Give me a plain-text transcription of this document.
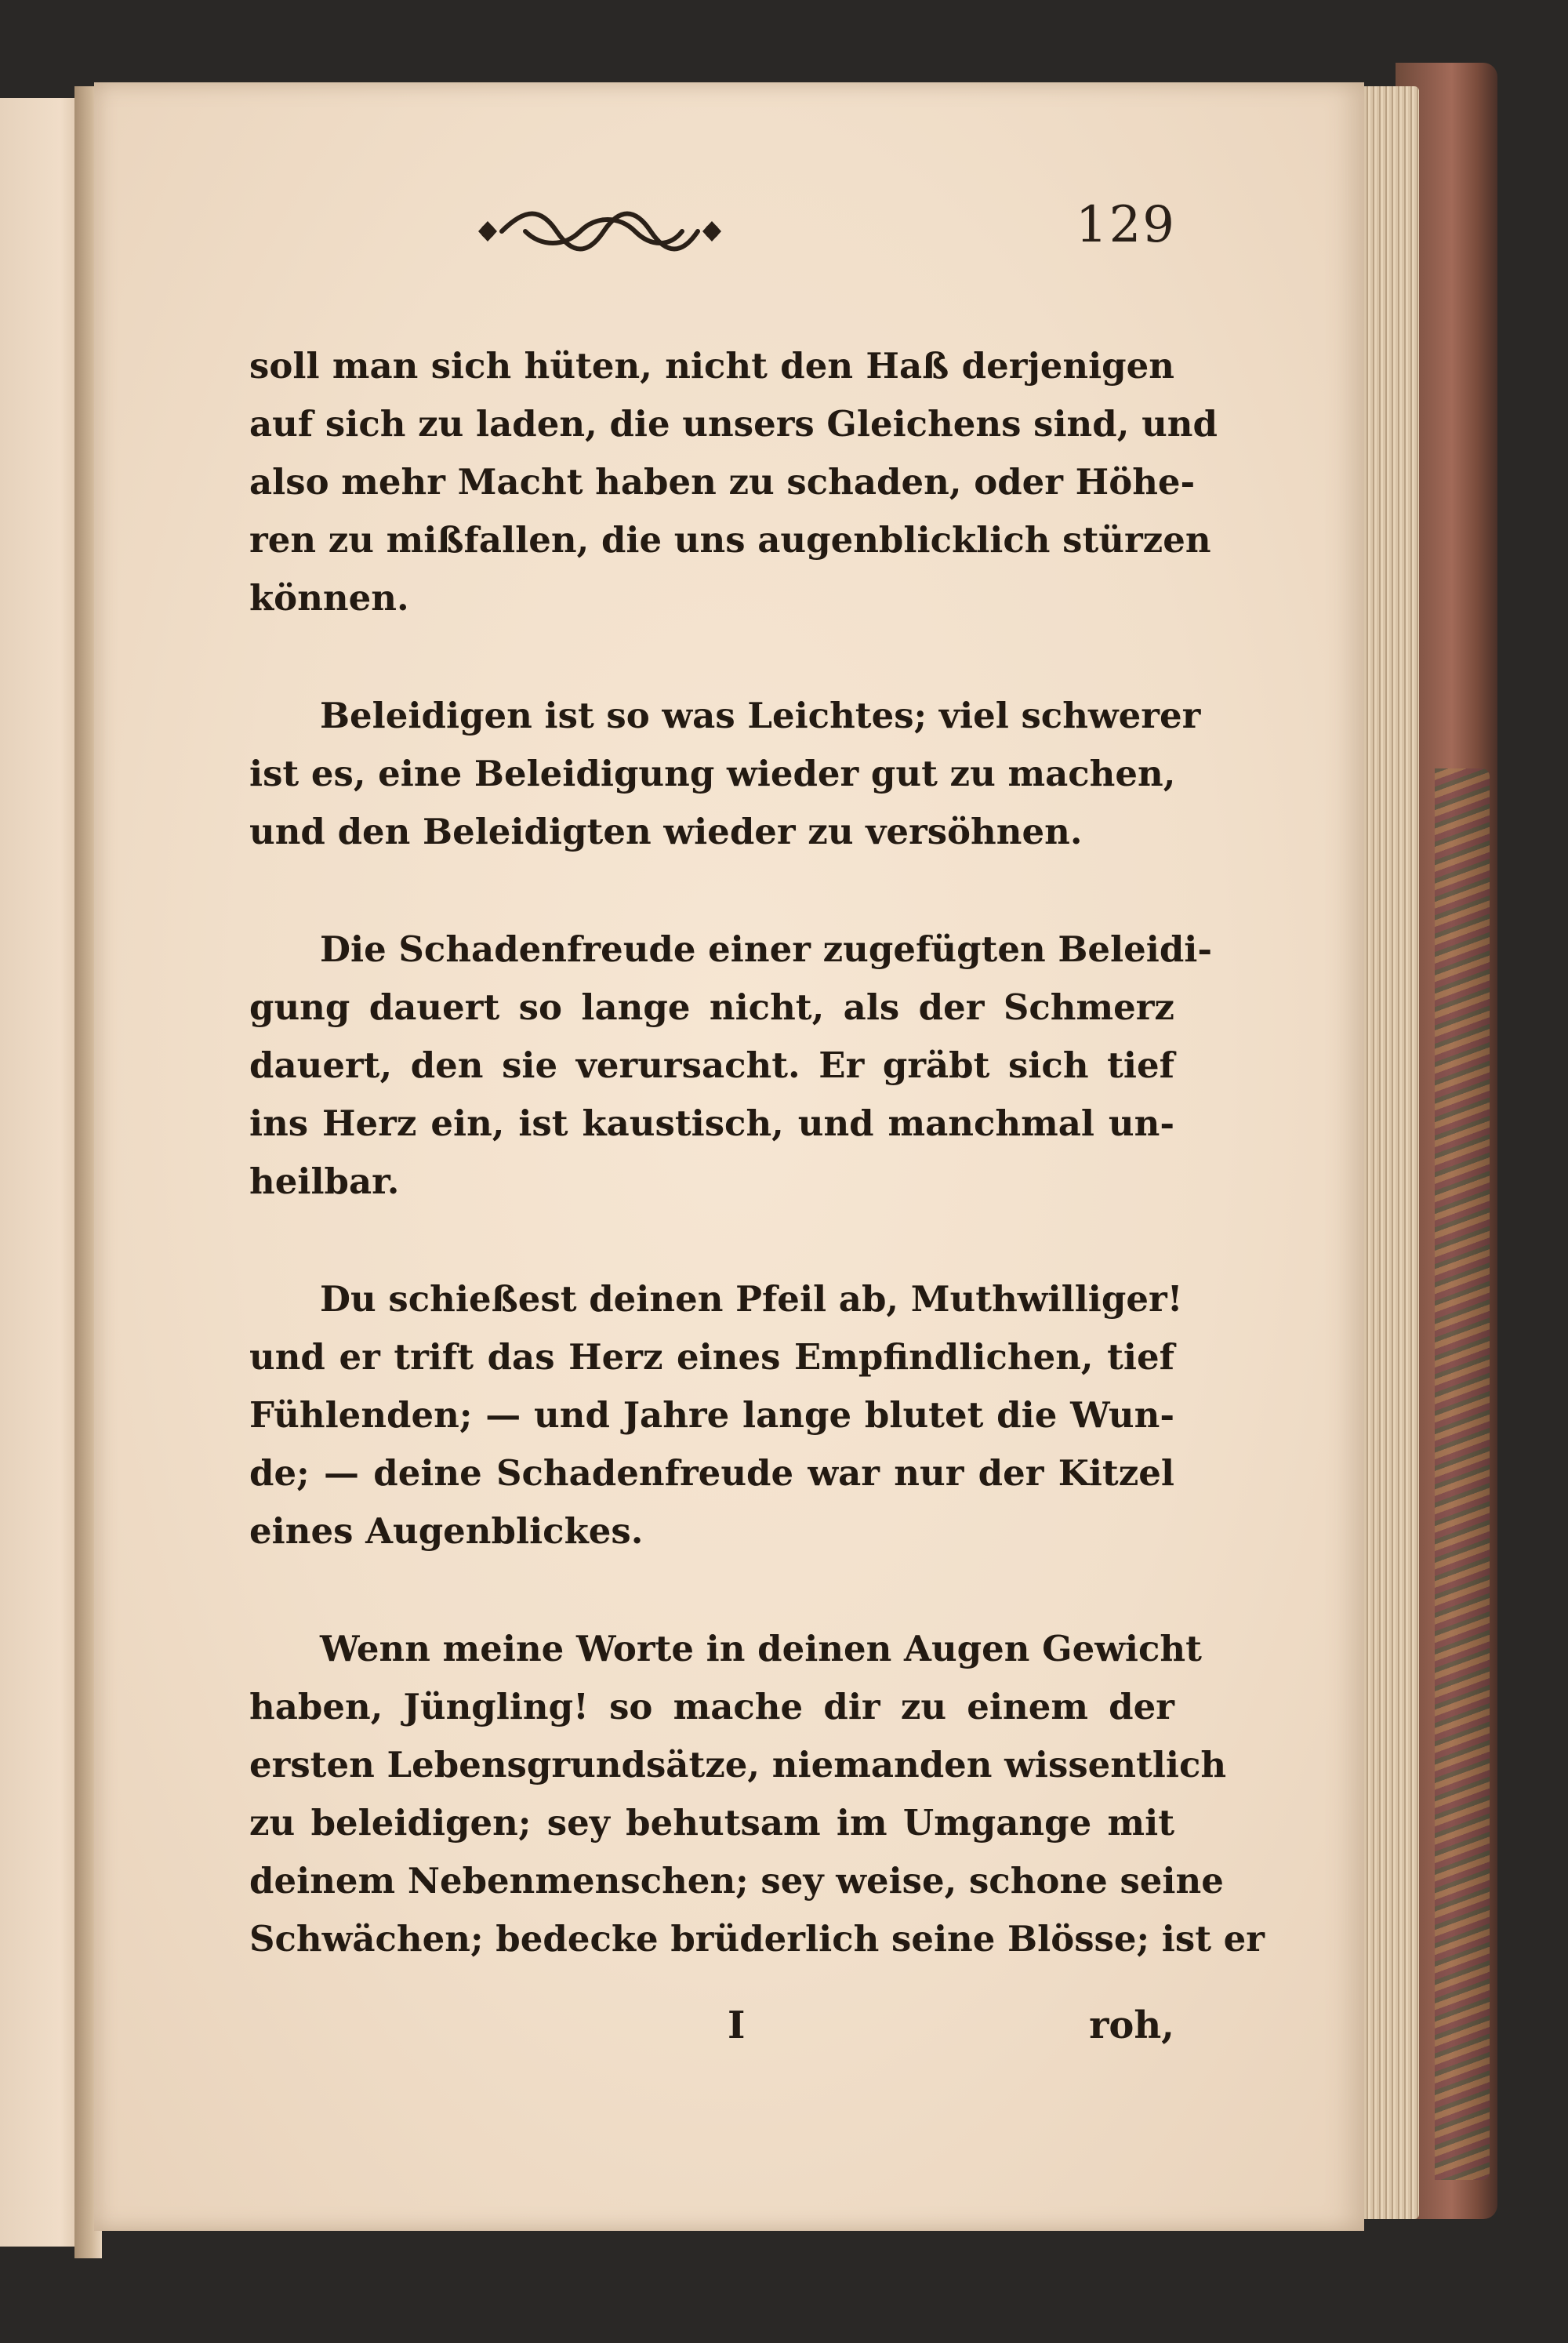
129
soll man sich hüten, nicht den Haß derjenigen
auf sich zu laden, die unsers Gleichens sind, und
also mehr Macht haben zu schaden, oder Höhe-
ren zu mißfallen, die uns augenblicklich stürzen
können.
Beleidigen ist so was Leichtes; viel schwerer
ist es, eine Beleidigung wieder gut zu machen,
und den Beleidigten wieder zu versöhnen.
Die Schadenfreude einer zugefügten Beleidi-
gung dauert so lange nicht, als der Schmerz
dauert, den sie verursacht. Er gräbt sich tief
ins Herz ein, ist kaustisch, und manchmal un-
heilbar.
Du schießest deinen Pfeil ab, Muthwilliger!
und er trift das Herz eines Empfindlichen, tief
Fühlenden; — und Jahre lange blutet die Wun-
de; — deine Schadenfreude war nur der Kitzel
eines Augenblickes.
Wenn meine Worte in deinen Augen Gewicht
haben, Jüngling! so mache dir zu einem der
ersten Lebensgrundsätze, niemanden wissentlich
zu beleidigen; sey behutsam im Umgange mit
deinem Nebenmenschen; sey weise, schone seine
Schwächen; bedecke brüderlich seine Blösse; ist er
I	roh,
